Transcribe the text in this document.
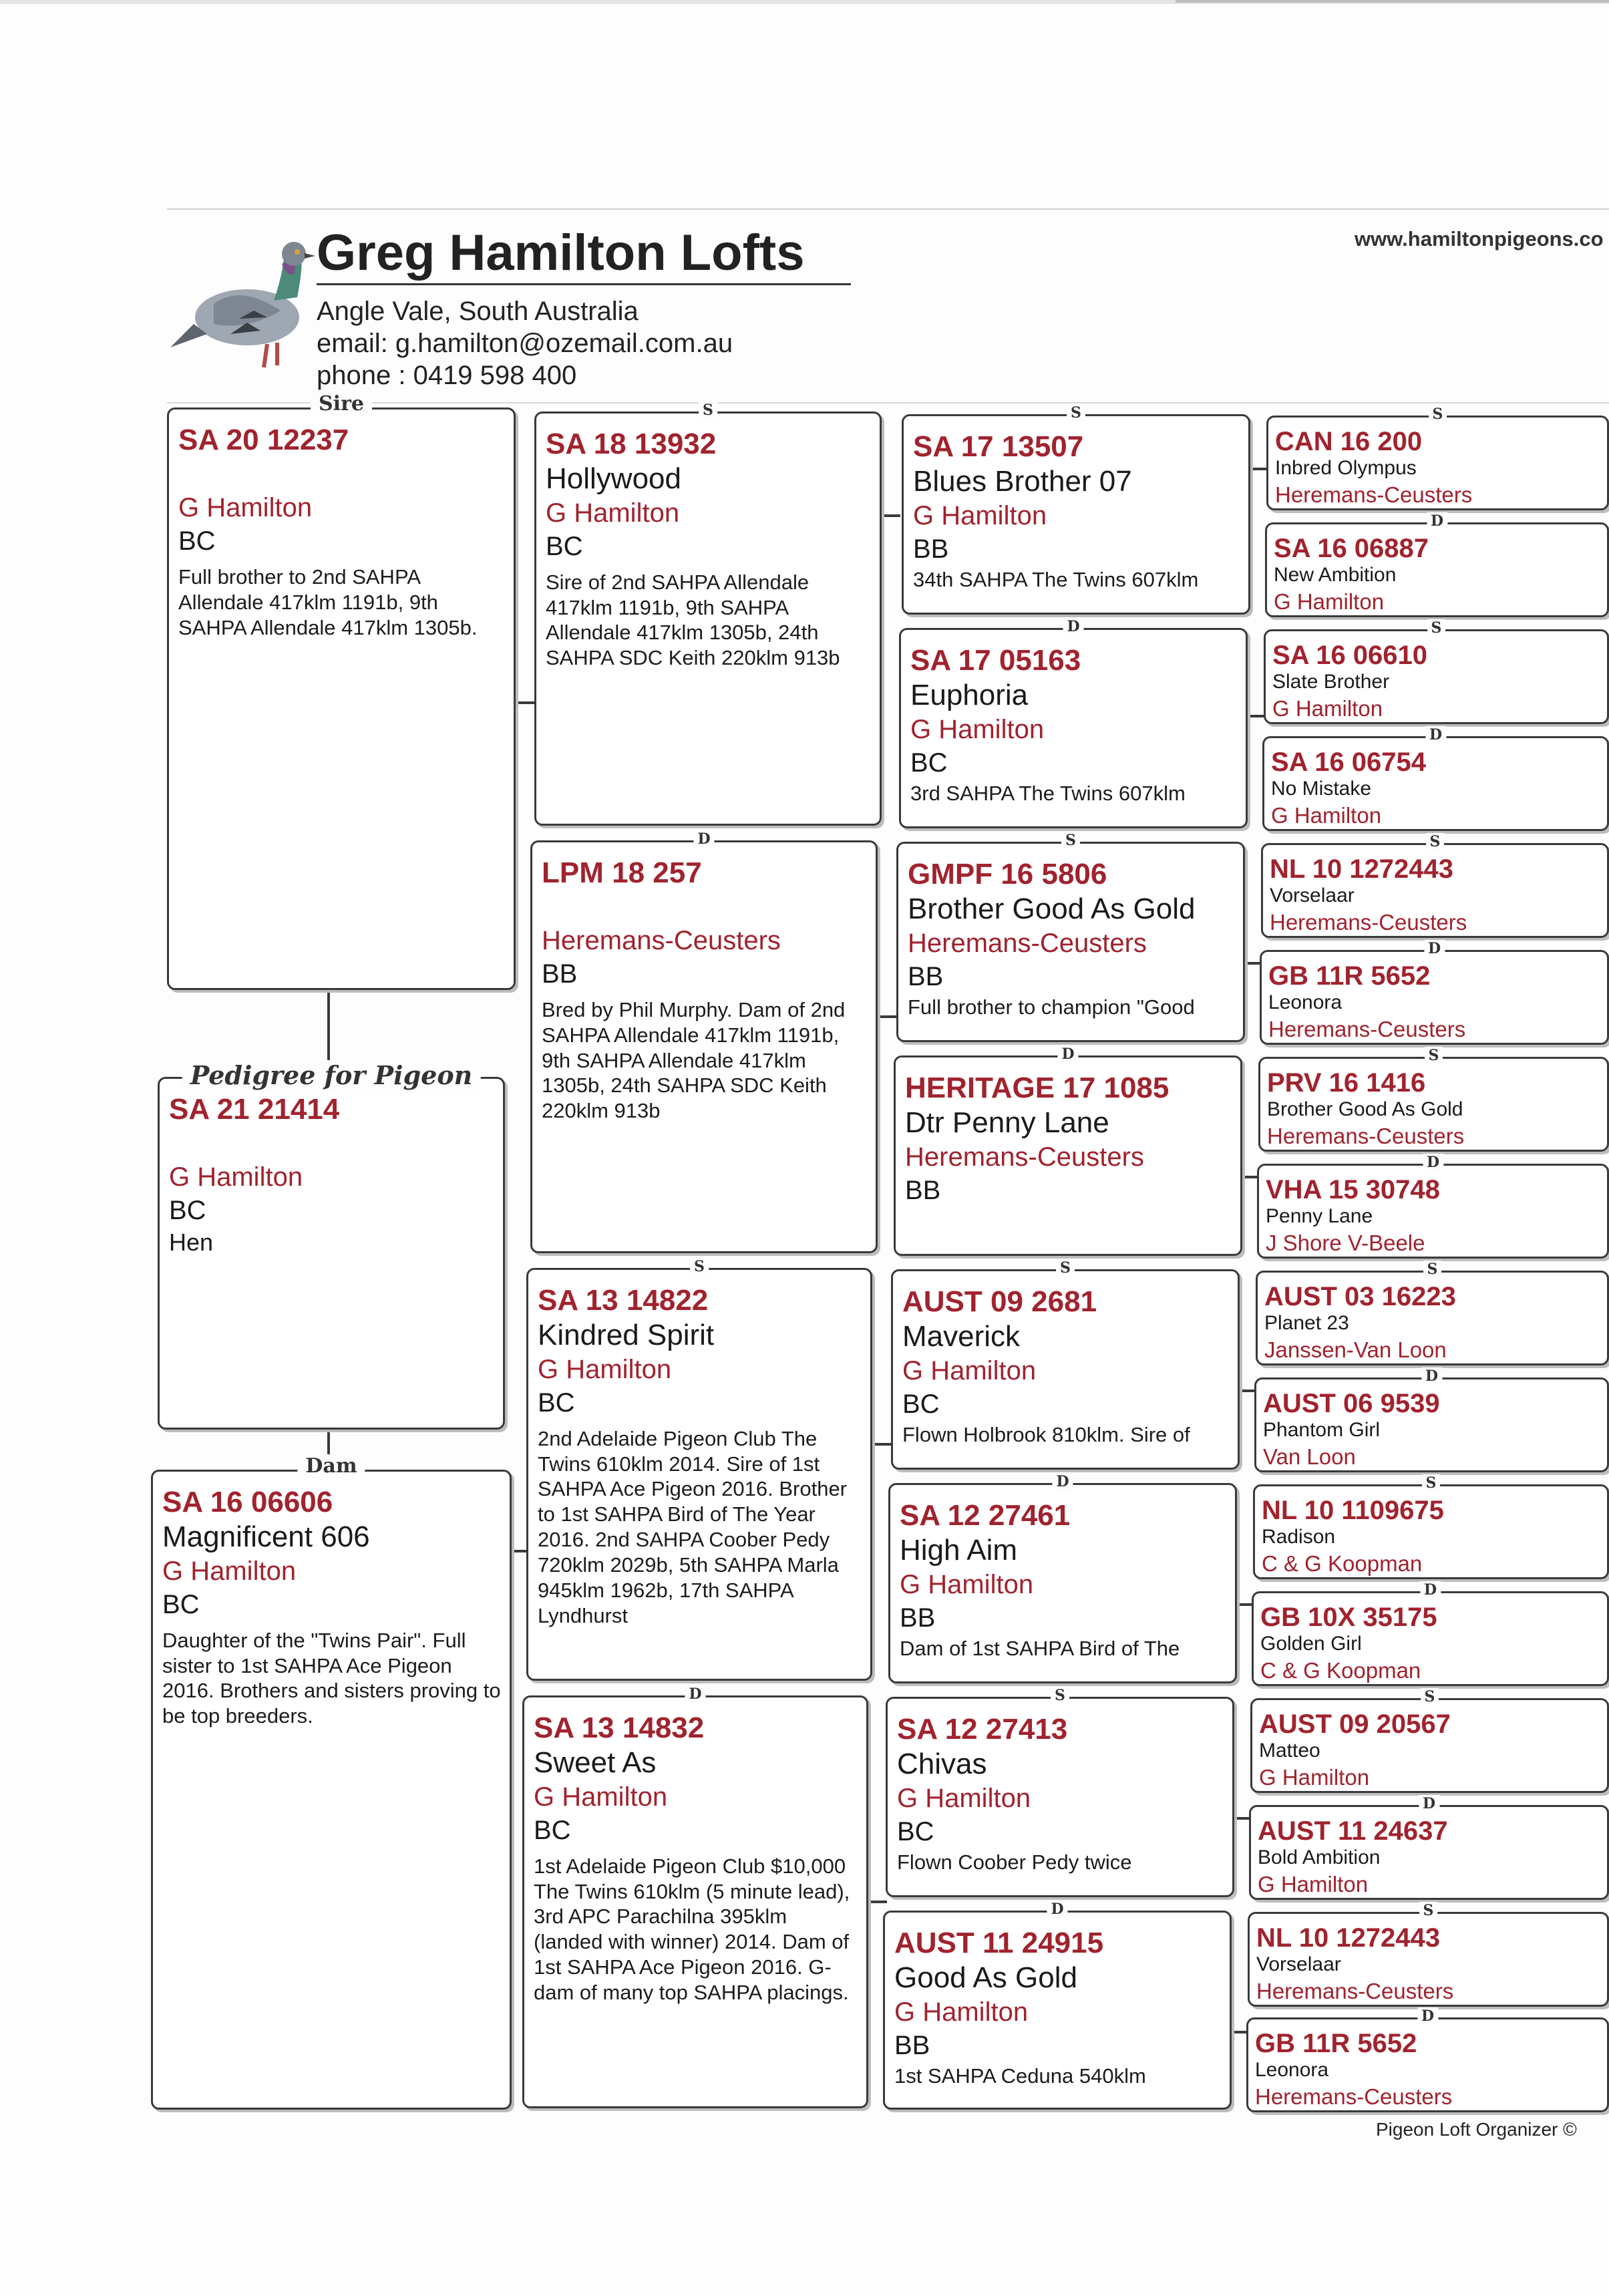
Greg Hamilton Lofts
Angle Vale, South Australia
email: g.hamilton@ozemail.com.au
phone : 0419 598 400
www.hamiltonpigeons.co
Sire
SA 20 12237
G Hamilton
BC
Full brother to 2nd SAHPA Allendale 417klm 1191b, 9th SAHPA Allendale 417klm 1305b.
Pedigree for Pigeon
SA 21 21414
G Hamilton
BC
Hen
Dam
SA 16 06606
Magnificent 606
G Hamilton
BC
Daughter of the "Twins Pair". Full sister to 1st SAHPA Ace Pigeon 2016. Brothers and sisters proving to be top breeders.
S
SA 18 13932
Hollywood
G Hamilton
BC
Sire of 2nd SAHPA Allendale 417klm 1191b, 9th SAHPA Allendale 417klm 1305b, 24th SAHPA SDC Keith 220klm 913b
D
LPM 18 257
Heremans-Ceusters
BB
Bred by Phil Murphy. Dam of 2nd SAHPA Allendale 417klm 1191b, 9th SAHPA Allendale 417klm 1305b, 24th SAHPA SDC Keith 220klm 913b
S
SA 13 14822
Kindred Spirit
G Hamilton
BC
2nd Adelaide Pigeon Club The Twins 610klm 2014. Sire of 1st SAHPA Ace Pigeon 2016. Brother to 1st SAHPA Bird of The Year 2016. 2nd SAHPA Coober Pedy 720klm 2029b, 5th SAHPA Marla 945klm 1962b, 17th SAHPA Lyndhurst
D
SA 13 14832
Sweet As
G Hamilton
BC
1st Adelaide Pigeon Club $10,000 The Twins 610klm (5 minute lead), 3rd APC Parachilna 395klm (landed with winner) 2014. Dam of 1st SAHPA Ace Pigeon 2016. G-dam of many top SAHPA placings.
S
SA 17 13507
Blues Brother 07
G Hamilton
BB
34th SAHPA The Twins 607klm
D
SA 17 05163
Euphoria
G Hamilton
BC
3rd SAHPA The Twins 607klm
S
GMPF 16 5806
Brother Good As Gold
Heremans-Ceusters
BB
Full brother to champion "Good
D
HERITAGE 17 1085
Dtr Penny Lane
Heremans-Ceusters
BB
S
AUST 09 2681
Maverick
G Hamilton
BC
Flown Holbrook 810klm. Sire of
D
SA 12 27461
High Aim
G Hamilton
BB
Dam of 1st SAHPA Bird of The
S
SA 12 27413
Chivas
G Hamilton
BC
Flown Coober Pedy twice
D
AUST 11 24915
Good As Gold
G Hamilton
BB
1st SAHPA Ceduna 540klm
S
CAN 16 200
Inbred Olympus
Heremans-Ceusters
D
SA 16 06887
New Ambition
G Hamilton
S
SA 16 06610
Slate Brother
G Hamilton
D
SA 16 06754
No Mistake
G Hamilton
S
NL 10 1272443
Vorselaar
Heremans-Ceusters
D
GB 11R 5652
Leonora
Heremans-Ceusters
S
PRV 16 1416
Brother Good As Gold
Heremans-Ceusters
D
VHA 15 30748
Penny Lane
J Shore V-Beele
S
AUST 03 16223
Planet 23
Janssen-Van Loon
D
AUST 06 9539
Phantom Girl
Van Loon
S
NL 10 1109675
Radison
C & G Koopman
D
GB 10X 35175
Golden Girl
C & G Koopman
S
AUST 09 20567
Matteo
G Hamilton
D
AUST 11 24637
Bold Ambition
G Hamilton
S
NL 10 1272443
Vorselaar
Heremans-Ceusters
D
GB 11R 5652
Leonora
Heremans-Ceusters
Pigeon Loft Organizer ©
